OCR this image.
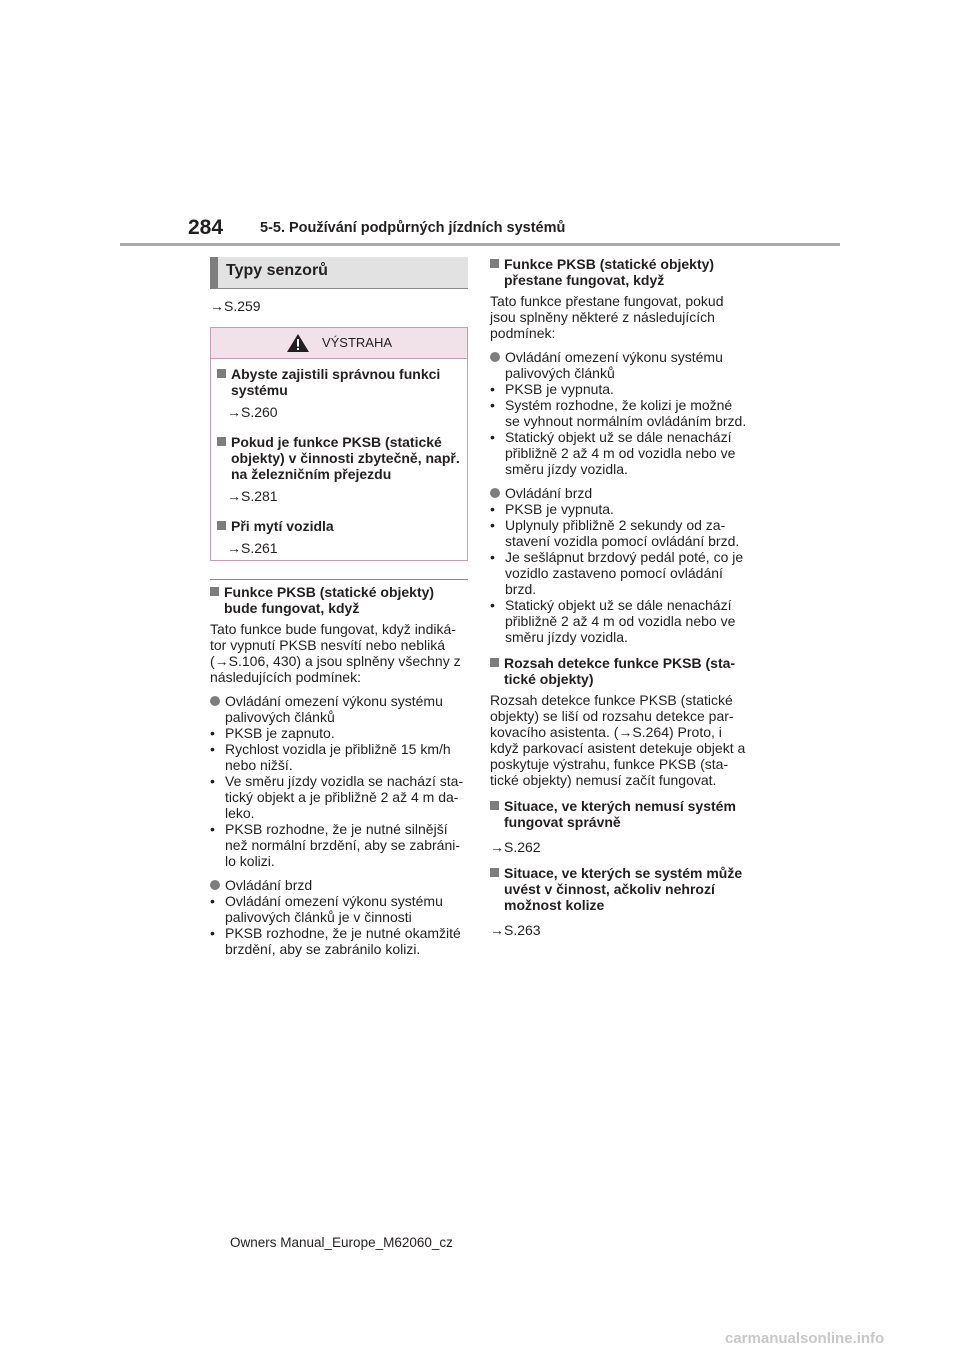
284	5-5. Používání podpůrných jízdních systémů
Typy senzorů
→S.259
VÝSTRAHA
Abyste zajistili správnou funkci systému
→S.260
Pokud je funkce PKSB (statické objekty) v činnosti zbytečně, např. na železničním přejezdu
→S.281
Při mytí vozidla
→S.261
Funkce PKSB (statické objekty) bude fungovat, když
Tato funkce bude fungovat, když indiká-tor vypnutí PKSB nesvítí nebo nebliká (→S.106, 430) a jsou splněny všechny z následujících podmínek:
Ovládání omezení výkonu systému palivových článků
• PKSB je zapnuto.
• Rychlost vozidla je přibližně 15 km/h nebo nižší.
• Ve směru jízdy vozidla se nachází sta-tický objekt a je přibližně 2 až 4 m da-leko.
• PKSB rozhodne, že je nutné silnější než normální brzdění, aby se zabráni-lo kolizi.
Ovládání brzd
• Ovládání omezení výkonu systému palivových článků je v činnosti
• PKSB rozhodne, že je nutné okamžité brzdění, aby se zabránilo kolizi.
Funkce PKSB (statické objekty) přestane fungovat, když
Tato funkce přestane fungovat, pokud jsou splněny některé z následujících podmínek:
Ovládání omezení výkonu systému palivových článků
• PKSB je vypnuta.
• Systém rozhodne, že kolizi je možné se vyhnout normálním ovládáním brzd.
• Statický objekt už se dále nenachází přibližně 2 až 4 m od vozidla nebo ve směru jízdy vozidla.
Ovládání brzd
• PKSB je vypnuta.
• Uplynuly přibližně 2 sekundy od za-stavení vozidla pomocí ovládání brzd.
• Je sešlápnut brzdový pedál poté, co je vozidlo zastaveno pomocí ovládání brzd.
• Statický objekt už se dále nenachází přibližně 2 až 4 m od vozidla nebo ve směru jízdy vozidla.
Rozsah detekce funkce PKSB (sta-tické objekty)
Rozsah detekce funkce PKSB (statické objekty) se liší od rozsahu detekce par-kovacího asistenta. (→S.264) Proto, i když parkovací asistent detekuje objekt a poskytuje výstrahu, funkce PKSB (sta-tické objekty) nemusí začít fungovat.
Situace, ve kterých nemusí systém fungovat správně
→S.262
Situace, ve kterých se systém může uvést v činnost, ačkoliv nehrozí možnost kolize
→S.263
Owners Manual_Europe_M62060_cz
carmanualsonline.info
